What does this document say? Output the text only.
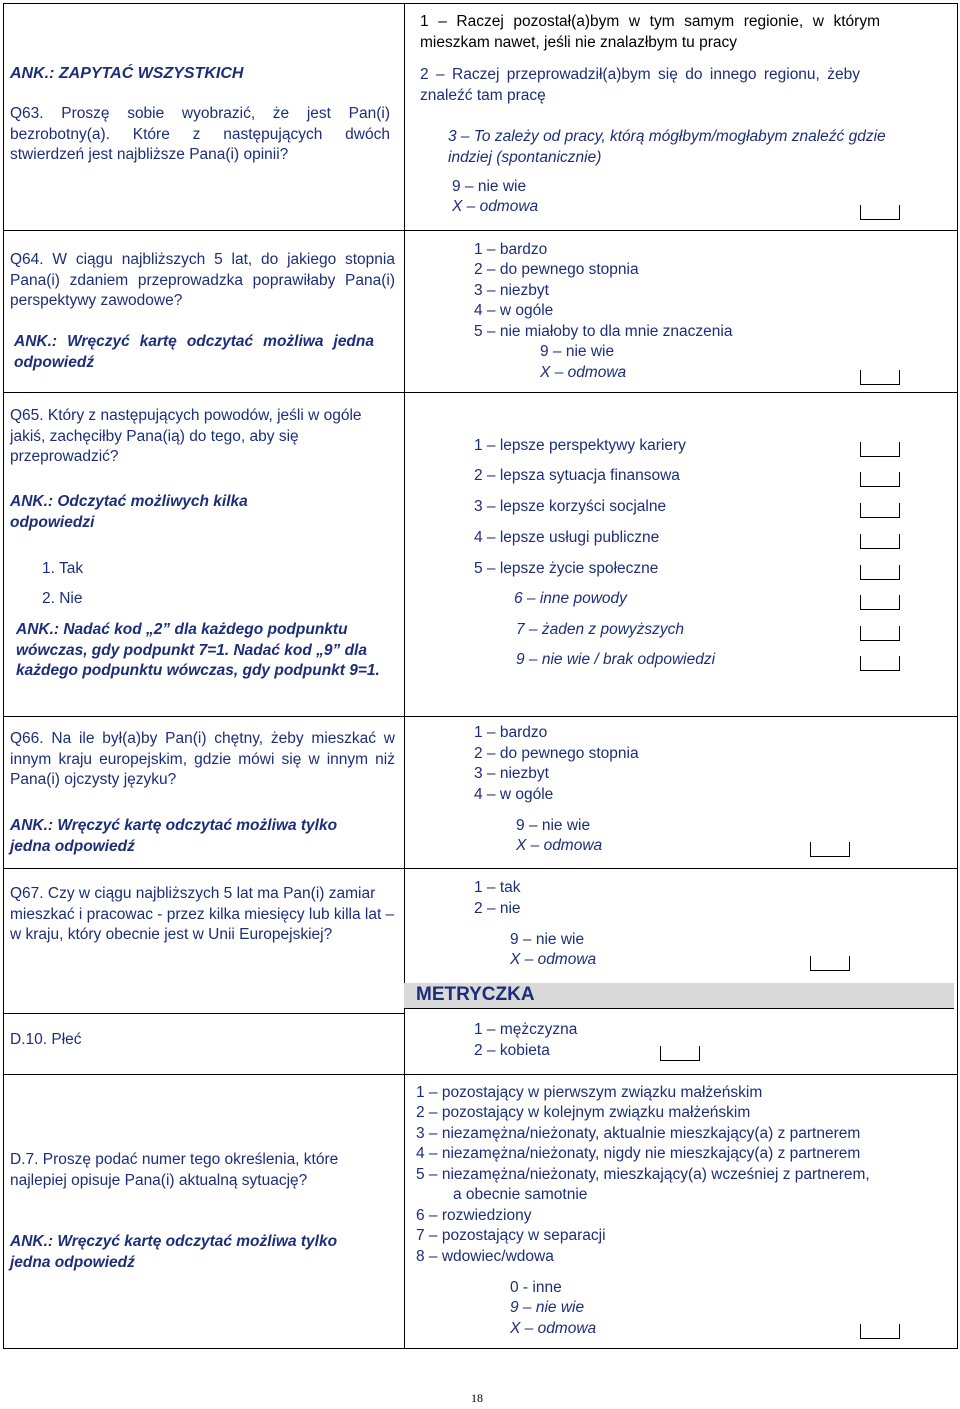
ANK.: ZAPYTAĆ WSZYSTKICH
Q63. Proszę sobie wyobrazić, że jest Pan(i) bezrobotny(a). Które z następujących dwóch stwierdzeń jest najbliższe Pana(i) opinii?
1 – Raczej pozostał(a)bym w tym samym regionie, w którym mieszkam nawet, jeśli nie znalazłbym tu pracy
2 – Raczej przeprowadził(a)bym się do innego regionu, żeby znaleźć tam pracę
3 – To zależy od pracy, którą mógłbym/mogłabym znaleźć gdzie indziej (spontanicznie)
9 – nie wie
X – odmowa
Q64. W ciągu najbliższych 5 lat, do jakiego stopnia Pana(i) zdaniem przeprowadzka poprawiłaby Pana(i) perspektywy zawodowe?
ANK.: Wręczyć kartę odczytać możliwa jedna odpowiedź
1 – bardzo
2 – do pewnego stopnia
3 – niezbyt
4 – w ogóle
5 – nie miałoby to dla mnie znaczenia
9 – nie wie
X – odmowa
Q65. Który z następujących powodów, jeśli w ogóle jakiś, zachęciłby Pana(ią) do tego, aby się przeprowadzić?
ANK.: Odczytać możliwych kilka odpowiedzi
1. Tak
2. Nie
ANK.: Nadać kod „2” dla każdego podpunktu wówczas, gdy podpunkt 7=1. Nadać kod „9” dla każdego podpunktu wówczas, gdy podpunkt 9=1.
1 – lepsze perspektywy kariery
2 – lepsza sytuacja finansowa
3 – lepsze korzyści socjalne
4 – lepsze usługi publiczne
5 – lepsze życie społeczne
6 – inne powody
7 – żaden z powyższych
9 – nie wie / brak odpowiedzi
Q66. Na ile był(a)by Pan(i) chętny, żeby mieszkać w innym kraju europejskim, gdzie mówi się w innym niż Pana(i) ojczysty języku?
ANK.: Wręczyć kartę odczytać możliwa tylko jedna odpowiedź
1 – bardzo
2 – do pewnego stopnia
3 – niezbyt
4 – w ogóle
9 – nie wie
X – odmowa
Q67. Czy w ciągu najbliższych 5 lat ma Pan(i) zamiar mieszkać i pracowac - przez kilka miesięcy lub killa lat – w kraju, który obecnie jest w Unii Europejskiej?
1 – tak
2 – nie
9 – nie wie
X – odmowa
METRYCZKA
D.10. Płeć
1 – mężczyzna
2 – kobieta
D.7. Proszę podać numer tego określenia, które najlepiej opisuje Pana(i) aktualną sytuację?
ANK.: Wręczyć kartę odczytać możliwa tylko jedna odpowiedź
1 – pozostający w pierwszym związku małżeńskim
2 – pozostający w kolejnym związku małżeńskim
3 – niezamężna/nieżonaty, aktualnie mieszkający(a) z partnerem
4 – niezamężna/nieżonaty, nigdy nie mieszkający(a) z partnerem
5 – niezamężna/nieżonaty, mieszkający(a) wcześniej z partnerem,
a obecnie samotnie
6 – rozwiedziony
7 – pozostający w separacji
8 – wdowiec/wdowa
0 - inne
9 – nie wie
X – odmowa
18
